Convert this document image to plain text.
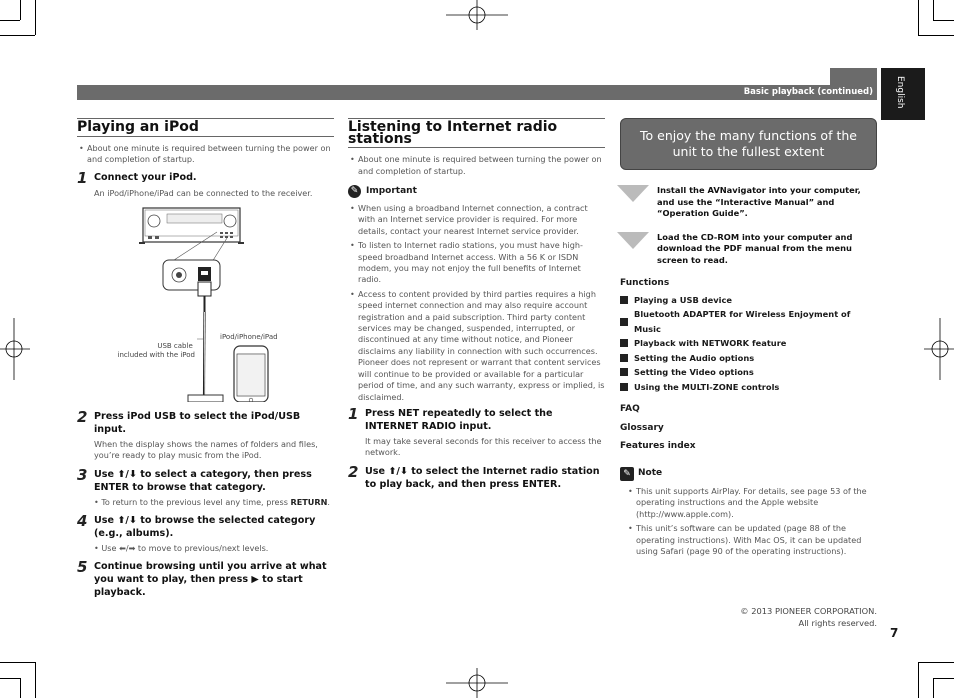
Basic playback (continued) English
Playing an iPod
• About one minute is required between turning the power on and completion of startup.
1 Connect your iPod.
An iPod/iPhone/iPad can be connected to the receiver.
USB cable included with the iPod
iPod/iPhone/iPad
2 Press iPod USB to select the iPod/USB input.
When the display shows the names of folders and files, you’re ready to play music from the iPod.
3 Use ⬆/⬇ to select a category, then press ENTER to browse that category.
• To return to the previous level any time, press RETURN.
4 Use ⬆/⬇ to browse the selected category (e.g., albums).
• Use ⬅/➡ to move to previous/next levels.
5 Continue browsing until you arrive at what you want to play, then press ▶ to start playback.
Listening to Internet radio stations
• About one minute is required between turning the power on and completion of startup.
✎ Important
• When using a broadband Internet connection, a contract with an Internet service provider is required. For more details, contact your nearest Internet service provider.
• To listen to Internet radio stations, you must have high-speed broadband Internet access. With a 56 K or ISDN modem, you may not enjoy the full benefits of Internet radio.
• Access to content provided by third parties requires a high speed internet connection and may also require account registration and a paid subscription. Third party content services may be changed, suspended, interrupted, or discontinued at any time without notice, and Pioneer disclaims any liability in connection with such occurrences. Pioneer does not represent or warrant that content services will continue to be provided or available for a particular period of time, and any such warranty, express or implied, is disclaimed.
1 Press NET repeatedly to select the INTERNET RADIO input.
It may take several seconds for this receiver to access the network.
2 Use ⬆/⬇ to select the Internet radio station to play back, and then press ENTER.
To enjoy the many functions of the unit to the fullest extent
Install the AVNavigator into your computer, and use the “Interactive Manual” and “Operation Guide”.
Load the CD-ROM into your computer and download the PDF manual from the menu screen to read.
Functions
Playing a USB device
Bluetooth ADAPTER for Wireless Enjoyment of Music
Playback with NETWORK feature
Setting the Audio options
Setting the Video options
Using the MULTI-ZONE controls
FAQ
Glossary
Features index
✎ Note
• This unit supports AirPlay. For details, see page 53 of the operating instructions and the Apple website (http://www.apple.com).
• This unit’s software can be updated (page 88 of the operating instructions). With Mac OS, it can be updated using Safari (page 90 of the operating instructions).
© 2013 PIONEER CORPORATION.
All rights reserved.
7
